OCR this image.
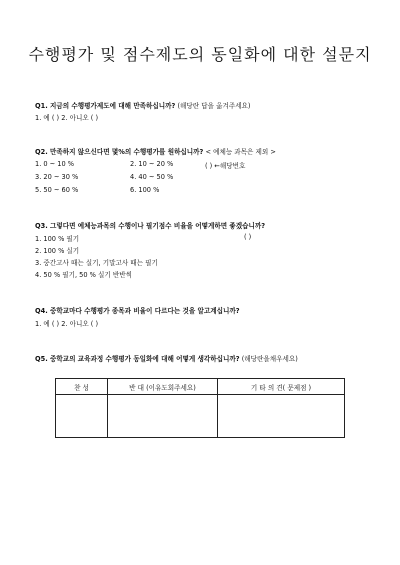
수행평가 및 점수제도의 동일화에 대한 설문지
Q1. 지금의 수행평가제도에 대해 만족하십니까? (해당란 답을 옮겨주세요)
1. 예 ( ) 2. 아니오 ( )
Q2. 만족하지 않으신다면 몇%의 수행평가를 원하십니까? < 예체능 과목은 제외 >
1. 0 ~ 10 %	2. 10 ~ 20 %	( ) ←해당번호
3. 20 ~ 30 %	4. 40 ~ 50 %
5. 50 ~ 60 %	6. 100 %
Q3. 그렇다면 예체능과목의 수행이나 필기점수 비율을 어떻게하면 좋겠습니까?
1. 100 % 필기	( )
2. 100 % 실기
3. 중간고사 때는 실기, 기말고사 때는 필기
4. 50 % 필기, 50 % 실기 반반씩
Q4. 중학교마다 수행평가 종목과 비율이 다르다는 것을 알고계십니까?
1. 예 ( ) 2. 아니오 ( )
Q5. 중학교의 교육과정 수행평가 동일화에 대해 어떻게 생각하십니까? (해당란을채우세요)
찬 성	반 대 (이유도회주세요)	기 타 의 견( 문제점 )
